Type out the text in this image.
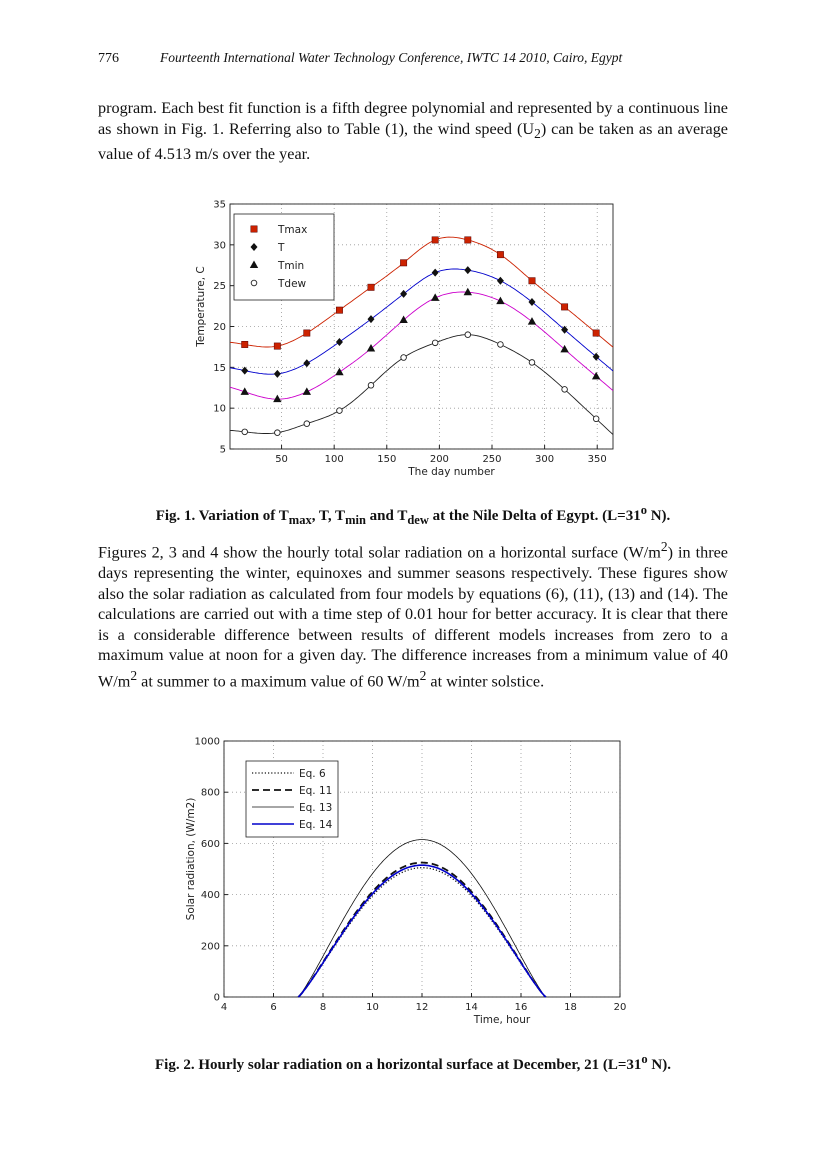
776	Fourteenth International Water Technology Conference, IWTC 14 2010, Cairo, Egypt

program. Each best fit function is a fifth degree polynomial and represented by a continuous line as shown in Fig. 1. Referring also to Table (1), the wind speed $(U_2)$ can be taken as an average value of 4.513 m/s over the year.

50	100	150	200	250	300	350
5
10
15
20
25
30
35
The day number
Temperature, C
Tmax
T
Tmin
Tdew
Fig. 1. Variation of $T_{max}$, T, $T_{min}$ and $T_{dew}$ at the Nile Delta of Egypt. ($L=31^o$ N).

Figures 2, 3 and 4 show the hourly total solar radiation on a horizontal surface $(W/m^2)$ in three days representing the winter, equinoxes and summer seasons respectively. These figures show also the solar radiation as calculated from four models by equations (6), (11), (13) and (14). The calculations are carried out with a time step of 0.01 hour for better accuracy. It is clear that there is a considerable difference between results of different models increases from zero to a maximum value at noon for a given day. The difference increases from a minimum value of 40 $W/m^2$ at summer to a maximum value of 60 $W/m^2$ at winter solstice.

4	6	8	10	12	14	16	18	20
0
200
400
600
800
1000
Time, hour
Solar radiation, (W/m2)
Eq. 6
Eq. 11
Eq. 13
Eq. 14
Fig. 2. Hourly solar radiation on a horizontal surface at December, 21 ($L=31^o$ N).
